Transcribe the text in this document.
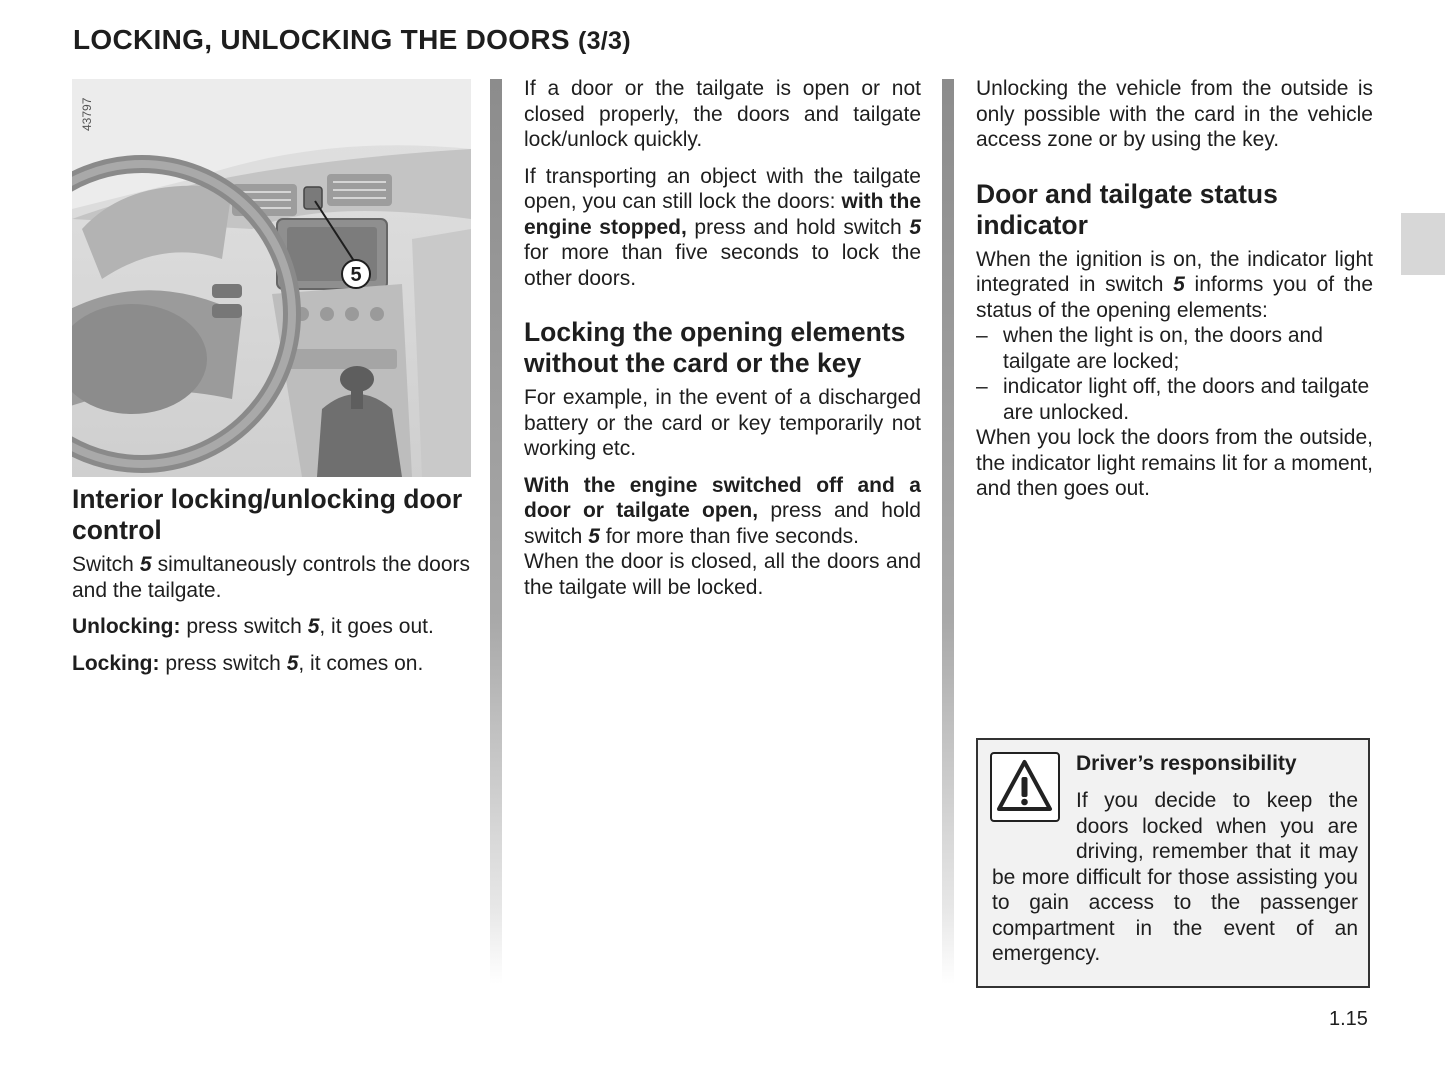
LOCKING, UNLOCKING THE DOORS (3/3)
5
43797
Interior locking/unlocking door control

Switch 5 simultaneously controls the doors and the tailgate.

Unlocking: press switch 5, it goes out.

Locking: press switch 5, it comes on.

If a door or the tailgate is open or not closed properly, the doors and tailgate lock/unlock quickly.

If transporting an object with the tailgate open, you can still lock the doors: with the engine stopped, press and hold switch 5 for more than five seconds to lock the other doors.

Locking the opening elements without the card or the key

For example, in the event of a discharged battery or the card or key temporarily not working etc.

With the engine switched off and a door or tailgate open, press and hold switch 5 for more than five seconds.

When the door is closed, all the doors and the tailgate will be locked.

Unlocking the vehicle from the outside is only possible with the card in the vehicle access zone or by using the key.

Door and tailgate status indicator

When the ignition is on, the indicator light integrated in switch 5 informs you of the status of the opening elements:

– when the light is on, the doors and tailgate are locked;
– indicator light off, the doors and tailgate are unlocked.

When you lock the doors from the outside, the indicator light remains lit for a moment, and then goes out.

Driver’s responsibility
If you decide to keep the doors locked when you are driving, remember that it may be more difficult for those assisting you to gain access to the passenger compartment in the event of an emergency.
1.15
